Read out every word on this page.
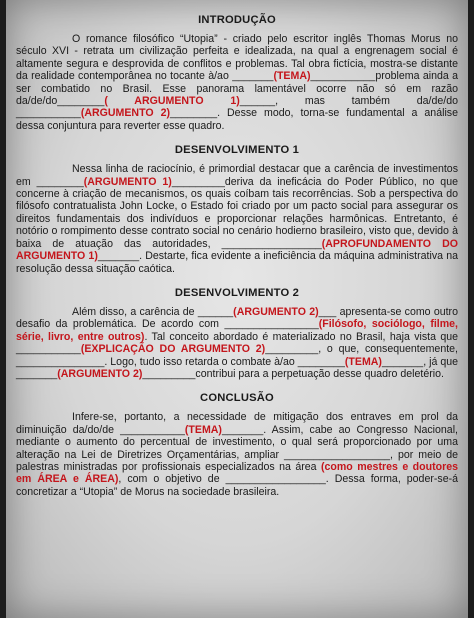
INTRODUÇÃO

O romance filosófico “Utopia” - criado pelo escritor inglês Thomas Morus no século XVI - retrata um civilização perfeita e idealizada, na qual a engrenagem social é altamente segura e desprovida de conflitos e problemas. Tal obra fictícia, mostra-se distante da realidade contemporânea no tocante à/ao _______(TEMA)___________problema ainda a ser combatido no Brasil. Esse panorama lamentável ocorre não só em razão da/de/do________( ARGUMENTO 1)______, mas também da/de/do ___________(ARGUMENTO 2)________. Desse modo, torna-se fundamental a análise dessa conjuntura para reverter esse quadro.

DESENVOLVIMENTO 1

Nessa linha de raciocínio, é primordial destacar que a carência de investimentos em ________(ARGUMENTO 1)_________deriva da ineficácia do Poder Público, no que concerne à criação de mecanismos, os quais coíbam tais recorrências. Sob a perspectiva do filósofo contratualista John Locke, o Estado foi criado por um pacto social para assegurar os direitos fundamentais dos indivíduos e proporcionar relações harmônicas. Entretanto, é notório o rompimento desse contrato social no cenário hodierno brasileiro, visto que, devido à baixa de atuação das autoridades, _________________(APROFUNDAMENTO DO ARGUMENTO 1)_______. Destarte, fica evidente a ineficiência da máquina administrativa na resolução dessa situação caótica.

DESENVOLVIMENTO 2

Além disso, a carência de ______(ARGUMENTO 2)___ apresenta-se como outro desafio da problemática. De acordo com ________________(Filósofo, sociólogo, filme, série, livro, entre outros). Tal conceito abordado é materializado no Brasil, haja vista que ___________(EXPLICAÇÃO DO ARGUMENTO 2)_________, o que, consequentemente, _______________. Logo, tudo isso retarda o combate à/ao ________(TEMA)_______, já que _______(ARGUMENTO 2)_________contribui para a perpetuação desse quadro deletério.

CONCLUSÃO

Infere-se, portanto, a necessidade de mitigação dos entraves em prol da diminuição da/do/de ___________(TEMA)_______. Assim, cabe ao Congresso Nacional, mediante o aumento do percentual de investimento, o qual será proporcionado por uma alteração na Lei de Diretrizes Orçamentárias, ampliar __________________, por meio de palestras ministradas por profissionais especializados na área (como mestres e doutores em ÁREA e ÁREA), com o objetivo de _________________. Dessa forma, poder-se-á concretizar a “Utopia” de Morus na sociedade brasileira.
